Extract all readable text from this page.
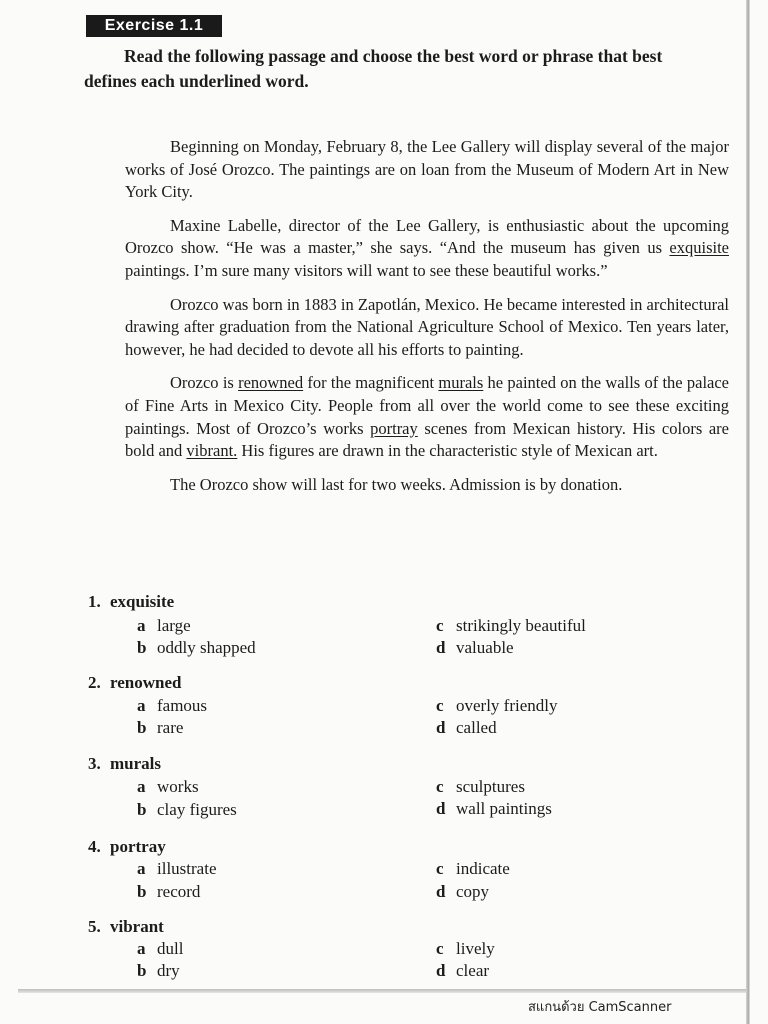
Exercise 1.1
Read the following passage and choose the best word or phrase that best
defines each underlined word.

Beginning on Monday, February 8, the Lee Gallery will display several of the major works of José Orozco. The paintings are on loan from the Museum of Modern Art in New York City.

Maxine Labelle, director of the Lee Gallery, is enthusiastic about the upcoming Orozco show. “He was a master,” she says. “And the museum has given us exquisite paintings. I’m sure many visitors will want to see these beautiful works.”

Orozco was born in 1883 in Zapotlán, Mexico. He became interested in architectural drawing after graduation from the National Agriculture School of Mexico. Ten years later, however, he had decided to devote all his efforts to painting.

Orozco is renowned for the magnificent murals he painted on the walls of the palace of Fine Arts in Mexico City. People from all over the world come to see these exciting paintings. Most of Orozco’s works portray scenes from Mexican history. His colors are bold and vibrant. His figures are drawn in the characteristic style of Mexican art.

The Orozco show will last for two weeks. Admission is by donation.

1. exquisite
a large
b oddly shapped
c strikingly beautiful
d valuable
2. renowned
a famous
b rare
c overly friendly
d called
3. murals
a works
b clay figures
c sculptures
d wall paintings
4. portray
a illustrate
b record
c indicate
d copy
5. vibrant
a dull
b dry
c lively
d clear
สแกนด้วย CamScanner
